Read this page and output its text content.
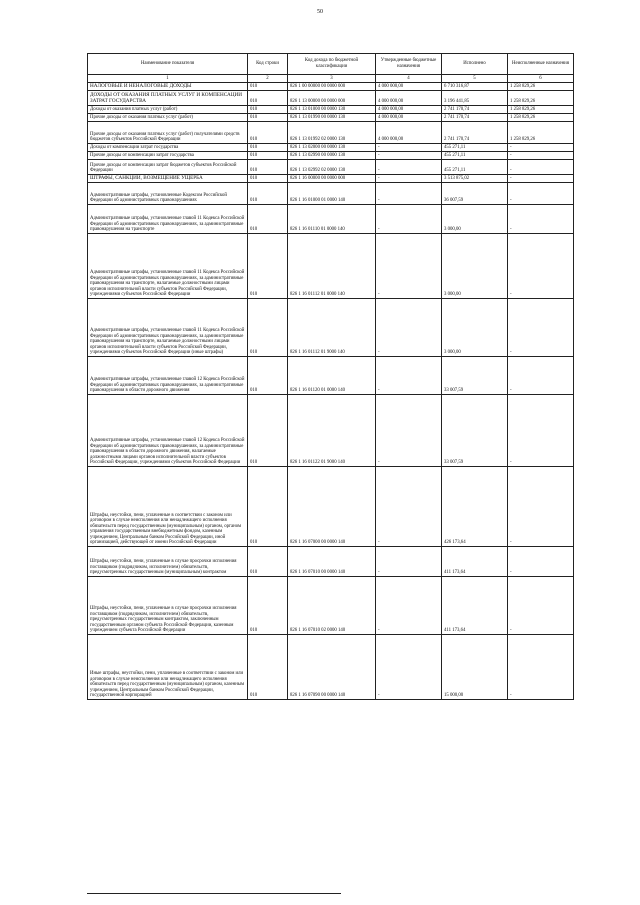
50
Наименование показателя	Код строки	Код дохода по бюджетной классификации	Утвержденные бюджетные назначения	Исполнено	Неисполненные назначения
1	2	3	4	5	6
НАЛОГОВЫЕ И НЕНАЛОГОВЫЕ ДОХОДЫ	010	826 1 00 00000 00 0000 000	4 000 000,00	6 710 316,87	1 258 829,26
ДОХОДЫ ОТ ОКАЗАНИЯ ПЛАТНЫХ УСЛУГ И КОМПЕНСАЦИИ ЗАТРАТ ГОСУДАРСТВА	010	826 1 13 00000 00 0000 000	4 000 000,00	3 196 441,85	1 258 829,26
Доходы от оказания платных услуг (работ)	010	826 1 13 01000 00 0000 130	4 000 000,00	2 741 170,74	1 258 829,26
Прочие доходы от оказания платных услуг (работ)	010	826 1 13 01990 00 0000 130	4 000 000,00	2 741 170,74	1 258 829,26
Прочие доходы от оказания платных услуг (работ) получателями средств бюджетов субъектов Российской Федерации	010	826 1 13 01992 02 0000 130	4 000 000,00	2 741 170,74	1 258 829,26
Доходы от компенсации затрат государства	010	826 1 13 02000 00 0000 130	-	455 271,11	-
Прочие доходы от компенсации затрат государства	010	826 1 13 02990 00 0000 130	-	455 271,11	-
Прочие доходы от компенсации затрат бюджетов субъектов Российской Федерации	010	826 1 13 02992 02 0000 130	-	455 271,11	-
ШТРАФЫ, САНКЦИИ, ВОЗМЕЩЕНИЕ УЩЕРБА	010	826 1 16 00000 00 0000 000	-	3 513 875,02	-
Административные штрафы, установленные Кодексом Российской Федерации об административных правонарушениях	010	826 1 16 01000 01 0000 140	-	36 007,59	-
Административные штрафы, установленные главой 11 Кодекса Российской Федерации об административных правонарушениях, за административные правонарушения на транспорте	010	826 1 16 01110 01 0000 140	-	3 000,00	-
Административные штрафы, установленные главой 11 Кодекса Российской Федерации об административных правонарушениях, за административные правонарушения на транспорте, налагаемые должностными лицами органов исполнительной власти субъектов Российской Федерации, учреждениями субъектов Российской Федерации	010	826 1 16 01112 01 0000 140	-	3 000,00	-
Административные штрафы, установленные главой 11 Кодекса Российской Федерации об административных правонарушениях, за административные правонарушения на транспорте, налагаемые должностными лицами органов исполнительной власти субъектов Российской Федерации, учреждениями субъектов Российской Федерации (иные штрафы)	010	826 1 16 01112 01 9000 140	-	3 000,00	-
Административные штрафы, установленные главой 12 Кодекса Российской Федерации об административных правонарушениях, за административные правонарушения в области дорожного движения	010	826 1 16 01120 01 0000 140	-	33 007,59	-
Административные штрафы, установленные главой 12 Кодекса Российской Федерации об административных правонарушениях, за административные правонарушения в области дорожного движения, налагаемые должностными лицами органов исполнительной власти субъектов Российской Федерации, учреждениями субъектов Российской Федерации	010	826 1 16 01122 01 9000 140	-	33 007,59	-
Штрафы, неустойки, пени, уплаченные в соответствии с законом или договором в случае неисполнения или ненадлежащего исполнения обязательств перед государственным (муниципальным) органом, органом управления государственным внебюджетным фондом, казенным учреждением, Центральным банком Российской Федерации, иной организацией, действующей от имени Российской Федерации	010	826 1 16 07000 00 0000 140	-	426 173,64	-
Штрафы, неустойки, пени, уплаченные в случае просрочки исполнения поставщиком (подрядчиком, исполнителем) обязательств, предусмотренных государственным (муниципальным) контрактом	010	826 1 16 07010 00 0000 140	-	411 173,64	-
Штрафы, неустойки, пени, уплаченные в случае просрочки исполнения поставщиком (подрядчиком, исполнителем) обязательств, предусмотренных государственным контрактом, заключенным государственным органом субъекта Российской Федерации, казенным учреждением субъекта Российской Федерации	010	826 1 16 07010 02 0000 140	-	411 173,64	-
Иные штрафы, неустойки, пени, уплаченные в соответствии с законом или договором в случае неисполнения или ненадлежащего исполнения обязательств перед государственным (муниципальным) органом, казенным учреждением, Центральным банком Российской Федерации, государственной корпорацией	010	826 1 16 07090 00 0000 140	-	15 000,00	-
